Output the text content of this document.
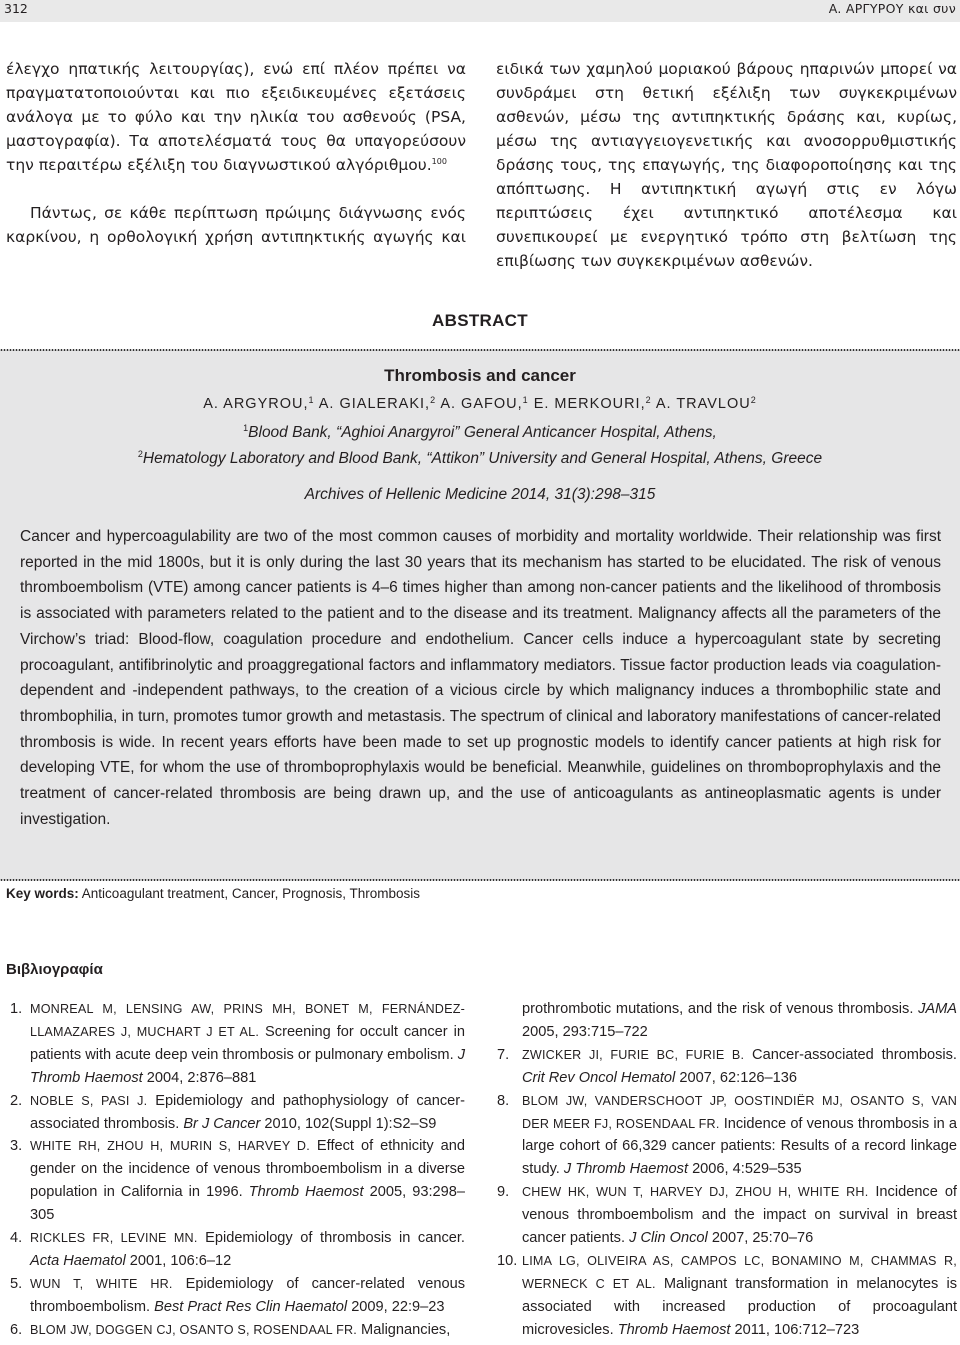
312	A. ΑΡΓΥΡΟΥ και συν

έλεγχο ηπατικής λειτουργίας), ενώ επί πλέον πρέπει να πραγματατοποιούνται και πιο εξειδικευμένες εξετάσεις ανάλογα με το φύλο και την ηλικία του ασθενούς (PSA, μαστογραφία). Τα αποτελέσματά τους θα υπαγορεύσουν την περαιτέρω εξέλιξη του διαγνωστικού αλγόριθμου.$^{100}$

Πάντως, σε κάθε περίπτωση πρώιμης διάγνωσης ενός καρκίνου, η ορθολογική χρήση αντιπηκτικής αγωγής και

ειδικά των χαμηλού μοριακού βάρους ηπαρινών μπορεί να συνδράμει στη θετική εξέλιξη των συγκεκριμένων ασθενών, μέσω της αντιπηκτικής δράσης και, κυρίως, μέσω της αντιαγγειογενετικής και ανοσορρυθμιστικής δράσης τους, της επαγωγής, της διαφοροποίησης και της απόπτωσης. Η αντιπηκτική αγωγή στις εν λόγω περιπτώσεις έχει αντιπηκτικό αποτέλεσμα και συνεπικουρεί με ενεργητικό τρόπο στη βελτίωση της επιβίωσης των συγκεκριμένων ασθενών.

ABSTRACT
Thrombosis and cancer
A. ARGYROU,$^1$ A. GIALERAKI,$^2$ A. GAFOU,$^1$ E. MERKOURI,$^2$ A. TRAVLOU$^2$
$^1$Blood Bank, “Aghioi Anargyroi” General Anticancer Hospital, Athens,
$^2$Hematology Laboratory and Blood Bank, “Attikon” University and General Hospital, Athens, Greece
Archives of Hellenic Medicine 2014, 31(3):298–315
Cancer and hypercoagulability are two of the most common causes of morbidity and mortality worldwide. Their relationship was first reported in the mid 1800s, but it is only during the last 30 years that its mechanism has started to be elucidated. The risk of venous thromboembolism (VTE) among cancer patients is 4–6 times higher than among non-cancer patients and the likelihood of thrombosis is associated with parameters related to the patient and to the disease and its treatment. Malignancy affects all the parameters of the Virchow’s triad: Blood-flow, coagulation procedure and endothelium. Cancer cells induce a hypercoagulant state by secreting procoagulant, antifibrinolytic and proaggregational factors and inflammatory mediators. Tissue factor production leads via coagulation-dependent and -independent pathways, to the creation of a vicious circle by which malignancy induces a thrombophilic state and thrombophilia, in turn, promotes tumor growth and metastasis. The spectrum of clinical and laboratory manifestations of cancer-related thrombosis is wide. In recent years efforts have been made to set up prognostic models to identify cancer patients at high risk for developing VTE, for whom the use of thromboprophylaxis would be beneficial. Meanwhile, guidelines on thromboprophylaxis and the treatment of cancer-related thrombosis are being drawn up, and the use of anticoagulants as antineoplasmatic agents is under investigation.
Key words: Anticoagulant treatment, Cancer, Prognosis, Thrombosis
Βιβλιογραφία
1. MONREAL M, LENSING AW, PRINS MH, BONET M, FERNÁNDEZ-LLAMAZARES J, MUCHART J ET AL. Screening for occult cancer in patients with acute deep vein thrombosis or pulmonary embolism. J Thromb Haemost 2004, 2:876–881
2. NOBLE S, PASI J. Epidemiology and pathophysiology of cancer-associated thrombosis. Br J Cancer 2010, 102(Suppl 1):S2–S9
3. WHITE RH, ZHOU H, MURIN S, HARVEY D. Effect of ethnicity and gender on the incidence of venous thromboembolism in a diverse population in California in 1996. Thromb Haemost 2005, 93:298–305
4. RICKLES FR, LEVINE MN. Epidemiology of thrombosis in cancer. Acta Haematol 2001, 106:6–12
5. WUN T, WHITE HR. Epidemiology of cancer-related venous thromboembolism. Best Pract Res Clin Haematol 2009, 22:9–23
6. BLOM JW, DOGGEN CJ, OSANTO S, ROSENDAAL FR. Malignancies,
prothrombotic mutations, and the risk of venous thrombosis. JAMA 2005, 293:715–722
7.	ZWICKER JI, FURIE BC, FURIE B. Cancer-associated thrombosis. Crit Rev Oncol Hematol 2007, 62:126–136
8.	BLOM JW, VANDERSCHOOT JP, OOSTINDIËR MJ, OSANTO S, VAN DER MEER FJ, ROSENDAAL FR. Incidence of venous thrombosis in a large cohort of 66,329 cancer patients: Results of a record linkage study. J Thromb Haemost 2006, 4:529–535
9.	CHEW HK, WUN T, HARVEY DJ, ZHOU H, WHITE RH. Incidence of venous thromboembolism and the impact on survival in breast cancer patients. J Clin Oncol 2007, 25:70–76
10. LIMA LG, OLIVEIRA AS, CAMPOS LC, BONAMINO M, CHAMMAS R, WERNECK C ET AL. Malignant transformation in melanocytes is associated with increased production of procoagulant microvesicles. Thromb Haemost 2011, 106:712–723
